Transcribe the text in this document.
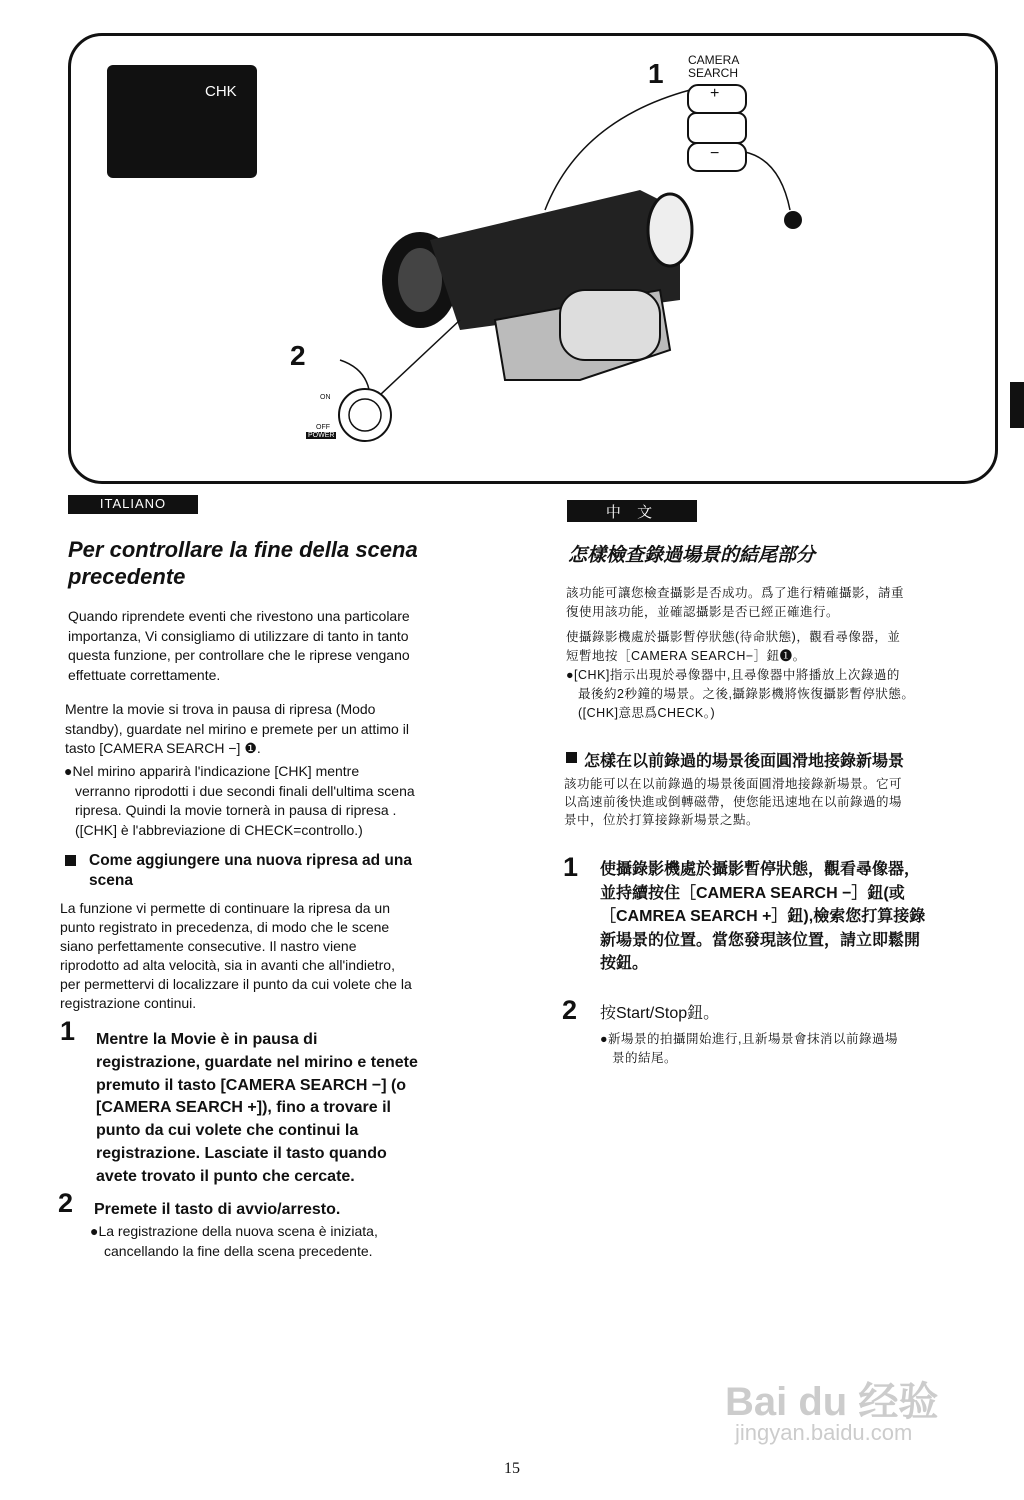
CHK
1 CAMERA
SEARCH
+
−
2
ON
OFF
POWER
ITALIANO
Per controllare la fine della scena
precedente
Quando riprendete eventi che rivestono una particolare
importanza, Vi consigliamo di utilizzare di tanto in tanto
questa funzione, per controllare che le riprese vengano
effettuate correttamente.
Mentre la movie si trova in pausa di ripresa (Modo
standby), guardate nel mirino e premete per un attimo il
tasto [CAMERA SEARCH −] ❶.
●Nel mirino apparirà l'indicazione [CHK] mentre
verranno riprodotti i due secondi finali dell'ultima scena
ripresa. Quindi la movie tornerà in pausa di ripresa .
([CHK] è l'abbreviazione di CHECK=controllo.)
Come aggiungere una nuova ripresa ad una
scena
La funzione vi permette di continuare la ripresa da un
punto registrato in precedenza, di modo che le scene
siano perfettamente consecutive. Il nastro viene
riprodotto ad alta velocità, sia in avanti che all'indietro,
per permettervi di localizzare il punto da cui volete che la
registrazione continui.
1 Mentre la Movie è in pausa di
registrazione, guardate nel mirino e tenete
premuto il tasto [CAMERA SEARCH −] (o
[CAMERA SEARCH +]), fino a trovare il
punto da cui volete che continui la
registrazione. Lasciate il tasto quando
avete trovato il punto che cercate.
2 Premete il tasto di avvio/arresto.
●La registrazione della nuova scena è iniziata,
cancellando la fine della scena precedente.
中 文
怎樣檢查錄過場景的結尾部分
該功能可讓您檢查攝影是否成功。爲了進行精確攝影，請重
復使用該功能，並確認攝影是否已經正確進行。
使攝錄影機處於攝影暫停狀態(待命狀態)，觀看尋像器，並
短暫地按［CAMERA SEARCH−］鈕❶。
●[CHK]指示出現於尋像器中,且尋像器中將播放上次錄過的
最後約2秒鐘的場景。之後,攝錄影機將恢復攝影暫停狀態。
([CHK]意思爲CHECK。)
怎樣在以前錄過的場景後面圓滑地接錄新場景
該功能可以在以前錄過的場景後面圓滑地接錄新場景。它可
以高速前後快進或倒轉磁帶，使您能迅速地在以前錄過的場
景中，位於打算接錄新場景之點。
1 使攝錄影機處於攝影暫停狀態，觀看尋像器，
並持續按住［CAMERA SEARCH −］鈕(或
［CAMREA SEARCH +］鈕),檢索您打算接錄
新場景的位置。當您發現該位置，請立即鬆開
按鈕。
2 按Start/Stop鈕。
●新場景的拍攝開始進行,且新場景會抹消以前錄過場
景的結尾。
Bai du 经验
jingyan.baidu.com
15
